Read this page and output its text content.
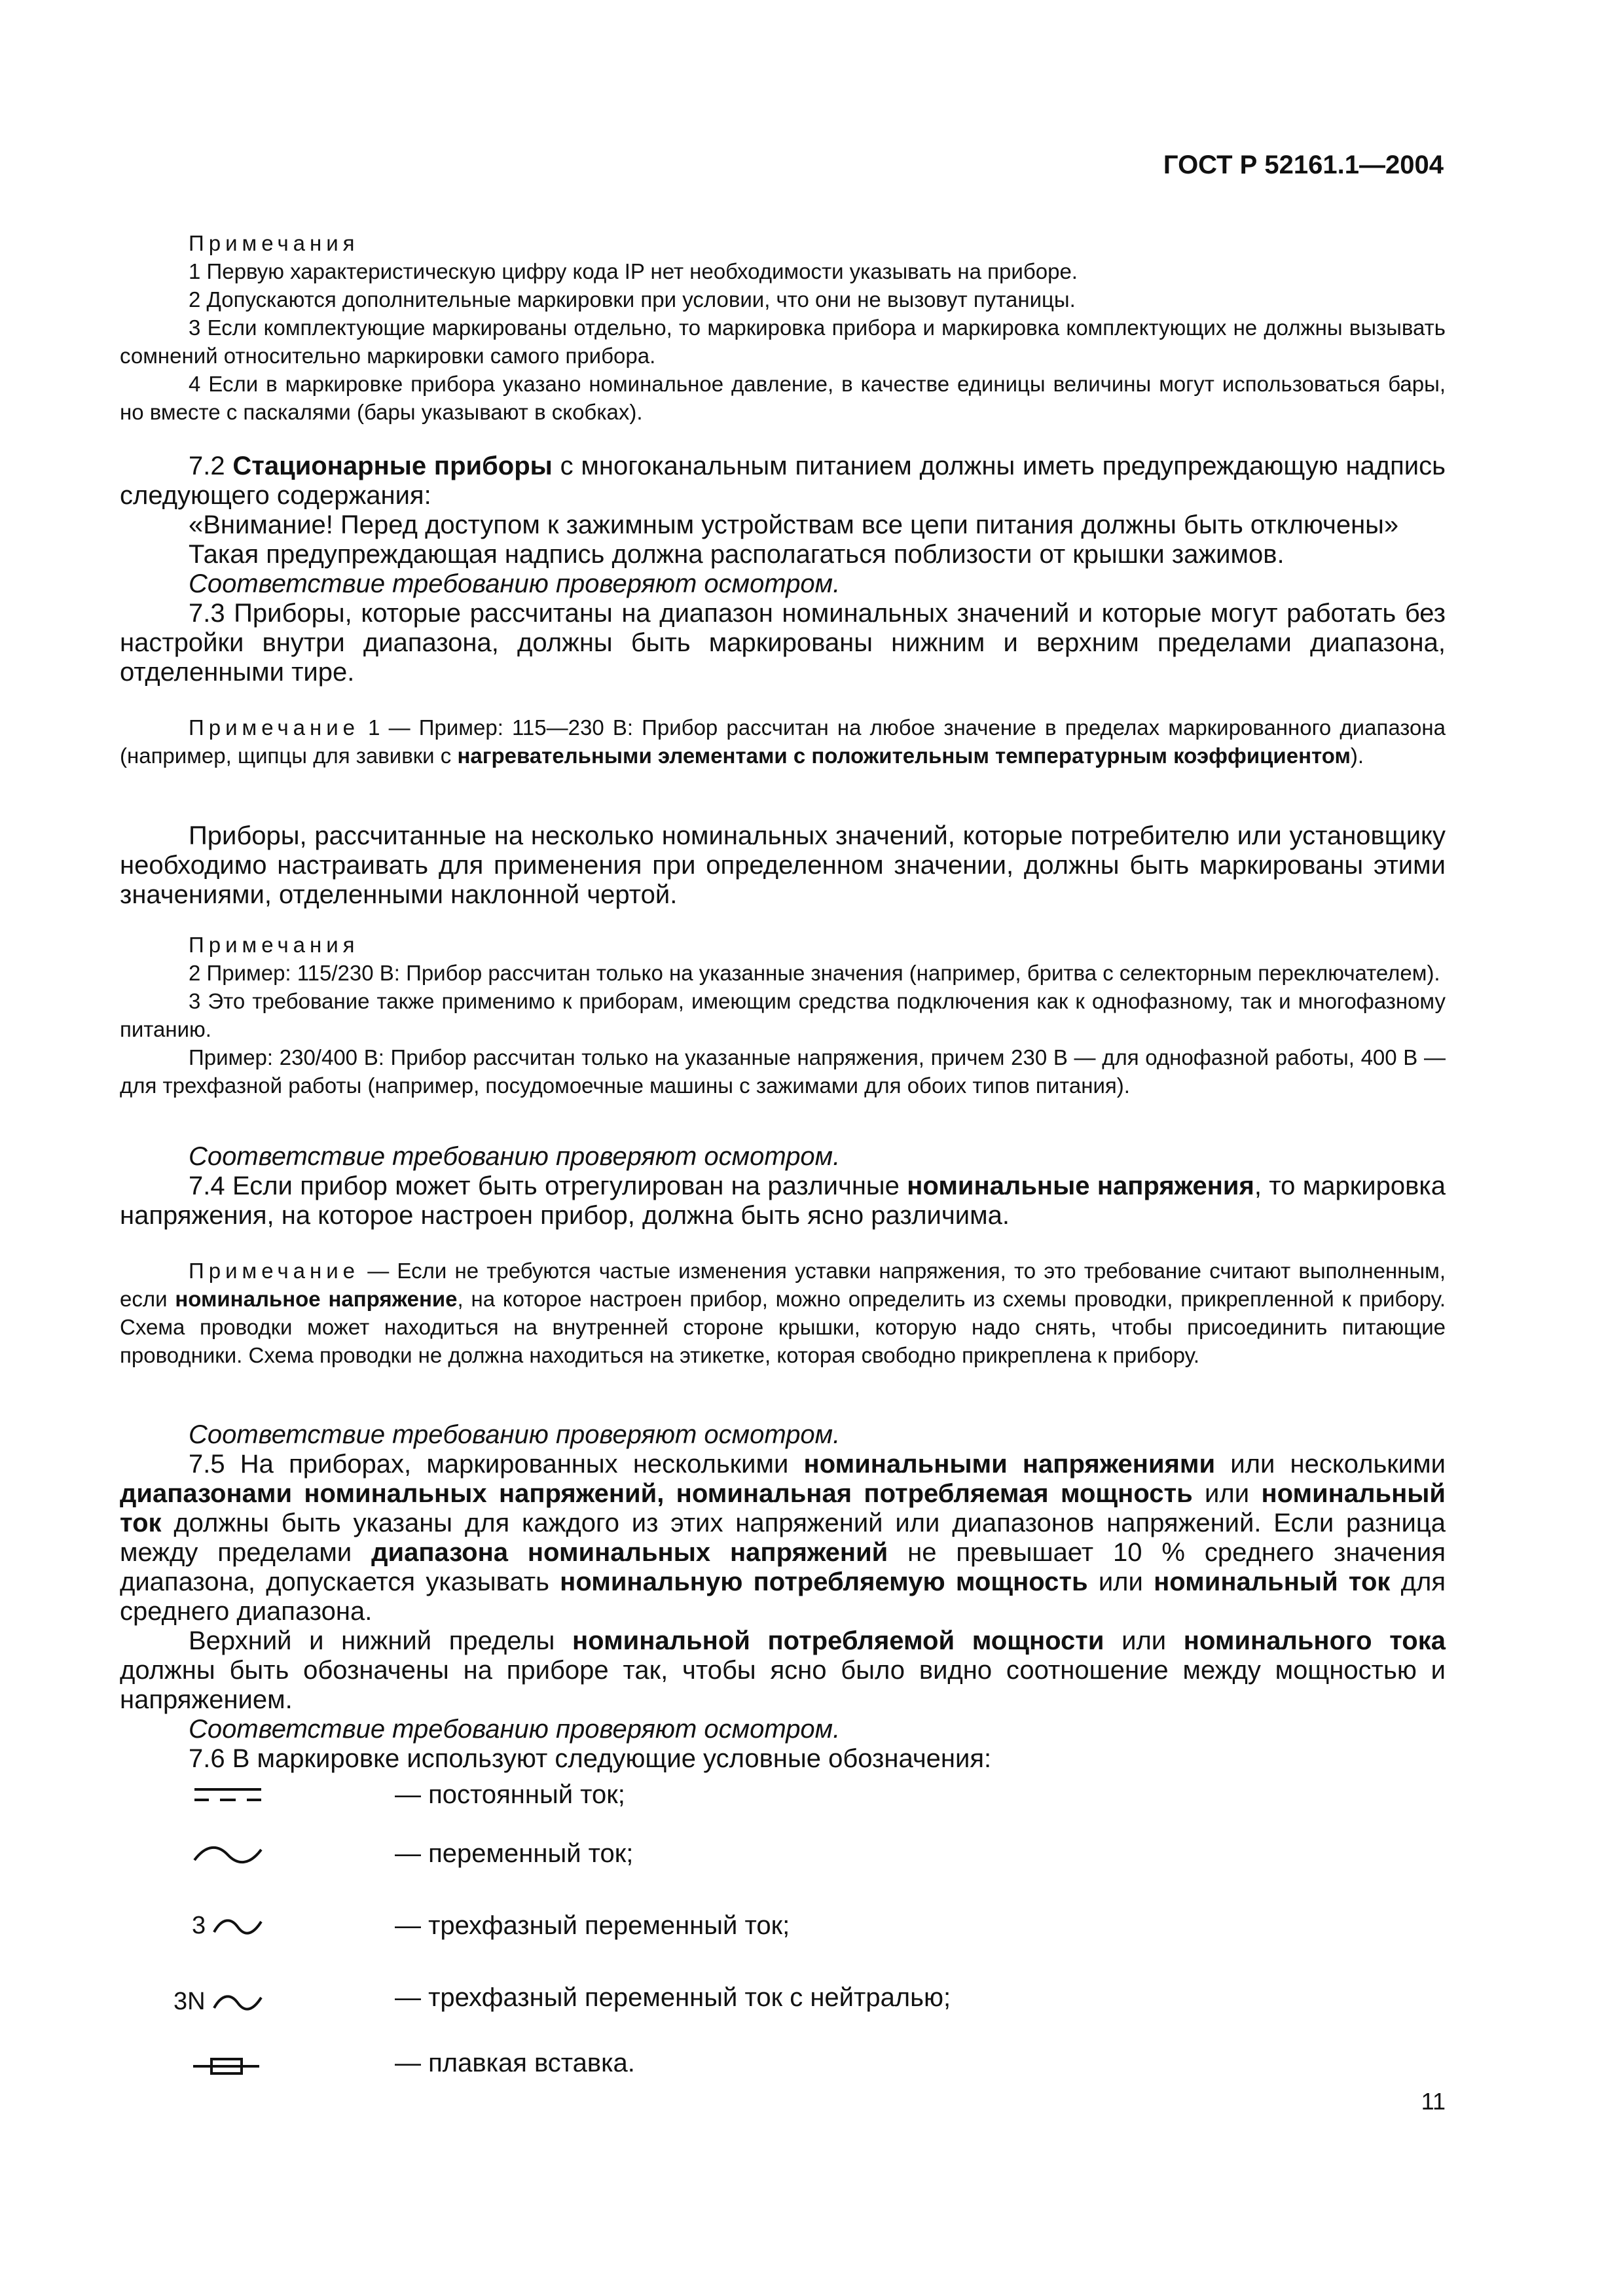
ГОСТ Р 52161.1—2004

Примечания

1 Первую характеристическую цифру кода IP нет необходимости указывать на приборе.

2 Допускаются дополнительные маркировки при условии, что они не вызовут путаницы.

3 Если комплектующие маркированы отдельно, то маркировка прибора и маркировка комплектующих не должны вызывать сомнений относительно маркировки самого прибора.

4 Если в маркировке прибора указано номинальное давление, в качестве единицы величины могут использоваться бары, но вместе с паскалями (бары указывают в скобках).

7.2 Стационарные приборы с многоканальным питанием должны иметь предупреждающую надпись следующего содержания:

«Внимание! Перед доступом к зажимным устройствам все цепи питания должны быть отключены»

Такая предупреждающая надпись должна располагаться поблизости от крышки зажимов.

Соответствие требованию проверяют осмотром.

7.3 Приборы, которые рассчитаны на диапазон номинальных значений и которые могут работать без настройки внутри диапазона, должны быть маркированы нижним и верхним пределами диапазона, отделенными тире.

Примечание 1 — Пример: 115—230 В: Прибор рассчитан на любое значение в пределах маркированного диапазона (например, щипцы для завивки с нагревательными элементами с положительным температурным коэффициентом).

Приборы, рассчитанные на несколько номинальных значений, которые потребителю или установщику необходимо настраивать для применения при определенном значении, должны быть маркированы этими значениями, отделенными наклонной чертой.

Примечания

2 Пример: 115/230 В: Прибор рассчитан только на указанные значения (например, бритва с селекторным переключателем).

3 Это требование также применимо к приборам, имеющим средства подключения как к однофазному, так и многофазному питанию.

Пример: 230/400 В: Прибор рассчитан только на указанные напряжения, причем 230 В — для однофазной работы, 400 В — для трехфазной работы (например, посудомоечные машины с зажимами для обоих типов питания).

Соответствие требованию проверяют осмотром.

7.4 Если прибор может быть отрегулирован на различные номинальные напряжения, то маркировка напряжения, на которое настроен прибор, должна быть ясно различима.

Примечание — Если не требуются частые изменения уставки напряжения, то это требование считают выполненным, если номинальное напряжение, на которое настроен прибор, можно определить из схемы проводки, прикрепленной к прибору. Схема проводки может находиться на внутренней стороне крышки, которую надо снять, чтобы присоединить питающие проводники. Схема проводки не должна находиться на этикетке, которая свободно прикреплена к прибору.

Соответствие требованию проверяют осмотром.

7.5 На приборах, маркированных несколькими номинальными напряжениями или несколькими диапазонами номинальных напряжений, номинальная потребляемая мощность или номинальный ток должны быть указаны для каждого из этих напряжений или диапазонов напряжений. Если разница между пределами диапазона номинальных напряжений не превышает 10 % среднего значения диапазона, допускается указывать номинальную потребляемую мощность или номинальный ток для среднего диапазона.

Верхний и нижний пределы номинальной потребляемой мощности или номинального тока должны быть обозначены на приборе так, чтобы ясно было видно соотношение между мощностью и напряжением.

Соответствие требованию проверяют осмотром.

7.6 В маркировке используют следующие условные обозначения:

— постоянный ток;
— переменный ток;
3	— трехфазный переменный ток;
3N	— трехфазный переменный ток с нейтралью;
— плавкая вставка.
11
